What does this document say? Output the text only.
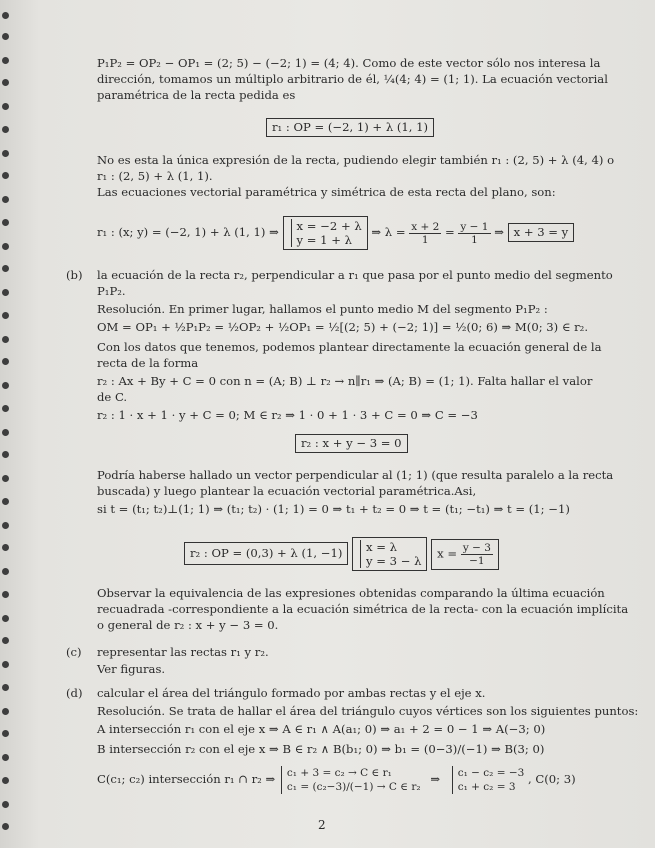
P₁P₂ = OP₂ − OP₁ = (2; 5) − (−2; 1) = (4; 4). Como de este vector sólo nos interesa la
dirección, tomamos un múltiplo arbitrario de él, ¼(4; 4) = (1; 1). La ecuación vectorial
paramétrica de la recta pedida es
r₁ : OP = (−2, 1) + λ (1, 1)
No es esta la única expresión de la recta, pudiendo elegir también r₁ : (2, 5) + λ (4, 4) o
r₁ : (2, 5) + λ (1, 1).
Las ecuaciones vectorial paramétrica y simétrica de esta recta del plano, son:
r₁ : (x; y) = (−2, 1) + λ (1, 1) ⇒ x = −2 + λ
y = 1 + λ
⇒ $\lambda = \frac{x + 2}{1} = \frac{y - 1}{1}$ ⇒ x + 3 = y
(b) la ecuación de la recta r₂, perpendicular a r₁ que pasa por el punto medio del segmento
P₁P₂.
Resolución. En primer lugar, hallamos el punto medio M del segmento P₁P₂ :
OM = OP₁ + ½P₁P₂ = ½OP₂ + ½OP₁ = ½[(2; 5) + (−2; 1)] = ½(0; 6) ⇒ M(0; 3) ∈ r₂.
Con los datos que tenemos, podemos plantear directamente la ecuación general de la
recta de la forma
r₂ : Ax + By + C = 0 con n = (A; B) ⊥ r₂ → n∥r₁ ⇒ (A; B) = (1; 1). Falta hallar el valor
de C.
r₂ : 1 · x + 1 · y + C = 0; M ∈ r₂ ⇒ 1 · 0 + 1 · 3 + C = 0 ⇒ C = −3
r₂ : x + y − 3 = 0
Podría haberse hallado un vector perpendicular al (1; 1) (que resulta paralelo a la recta
buscada) y luego plantear la ecuación vectorial paramétrica.Asi,
si t = (t₁; t₂)⊥(1; 1) ⇒ (t₁; t₂) · (1; 1) = 0 ⇒ t₁ + t₂ = 0 ⇒ t = (t₁; −t₁) ⇒ t = (1; −1)
r₂ : OP = (0,3) + λ (1, −1) x = λ
y = 3 − λ
$x = \frac{y - 3}{-1}$
Observar la equivalencia de las expresiones obtenidas comparando la última ecuación
recuadrada -correspondiente a la ecuación simétrica de la recta- con la ecuación implícita
o general de r₂ : x + y − 3 = 0.
(c) representar las rectas r₁ y r₂.
Ver figuras.
(d) calcular el área del triángulo formado por ambas rectas y el eje x.
Resolución. Se trata de hallar el área del triángulo cuyos vértices son los siguientes puntos:
A intersección r₁ con el eje x ⇒ A ∈ r₁ ∧ A(a₁; 0) ⇒ a₁ + 2 = 0 − 1 ⇒ A(−3; 0)
B intersección r₂ con el eje x ⇒ B ∈ r₂ ∧ B(b₁; 0) ⇒ b₁ = (0−3)/(−1) ⇒ B(3; 0)
C(c₁; c₂) intersección r₁ ∩ r₂ ⇒ c₁ + 3 = c₂ → C ∈ r₁
c₁ = (c₂−3)/(−1) → C ∈ r₂
⇒ c₁ − c₂ = −3
c₁ + c₂ = 3
, C(0; 3)
2
